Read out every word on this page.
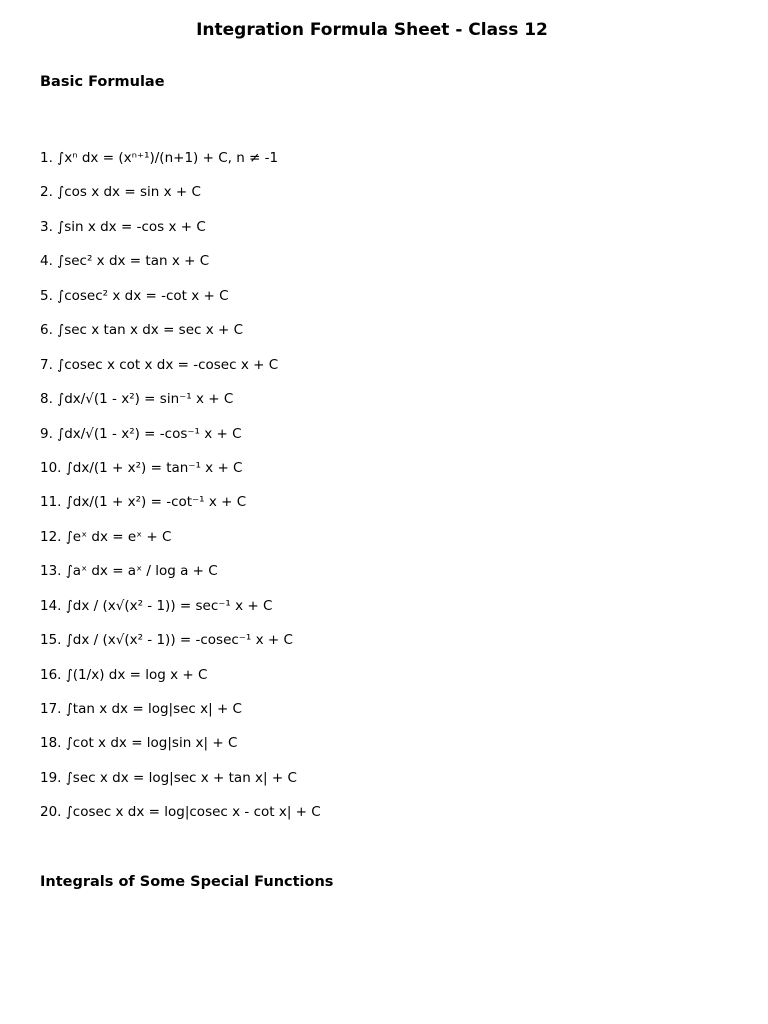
Integration Formula Sheet - Class 12
Basic Formulae
1. ∫xⁿ dx = (xⁿ⁺¹)/(n+1) + C, n ≠ -1
2. ∫cos x dx = sin x + C
3. ∫sin x dx = -cos x + C
4. ∫sec² x dx = tan x + C
5. ∫cosec² x dx = -cot x + C
6. ∫sec x tan x dx = sec x + C
7. ∫cosec x cot x dx = -cosec x + C
8. ∫dx/√(1 - x²) = sin⁻¹ x + C
9. ∫dx/√(1 - x²) = -cos⁻¹ x + C
10. ∫dx/(1 + x²) = tan⁻¹ x + C
11. ∫dx/(1 + x²) = -cot⁻¹ x + C
12. ∫eˣ dx = eˣ + C
13. ∫aˣ dx = aˣ / log a + C
14. ∫dx / (x√(x² - 1)) = sec⁻¹ x + C
15. ∫dx / (x√(x² - 1)) = -cosec⁻¹ x + C
16. ∫(1/x) dx = log x + C
17. ∫tan x dx = log|sec x| + C
18. ∫cot x dx = log|sin x| + C
19. ∫sec x dx = log|sec x + tan x| + C
20. ∫cosec x dx = log|cosec x - cot x| + C
Integrals of Some Special Functions
